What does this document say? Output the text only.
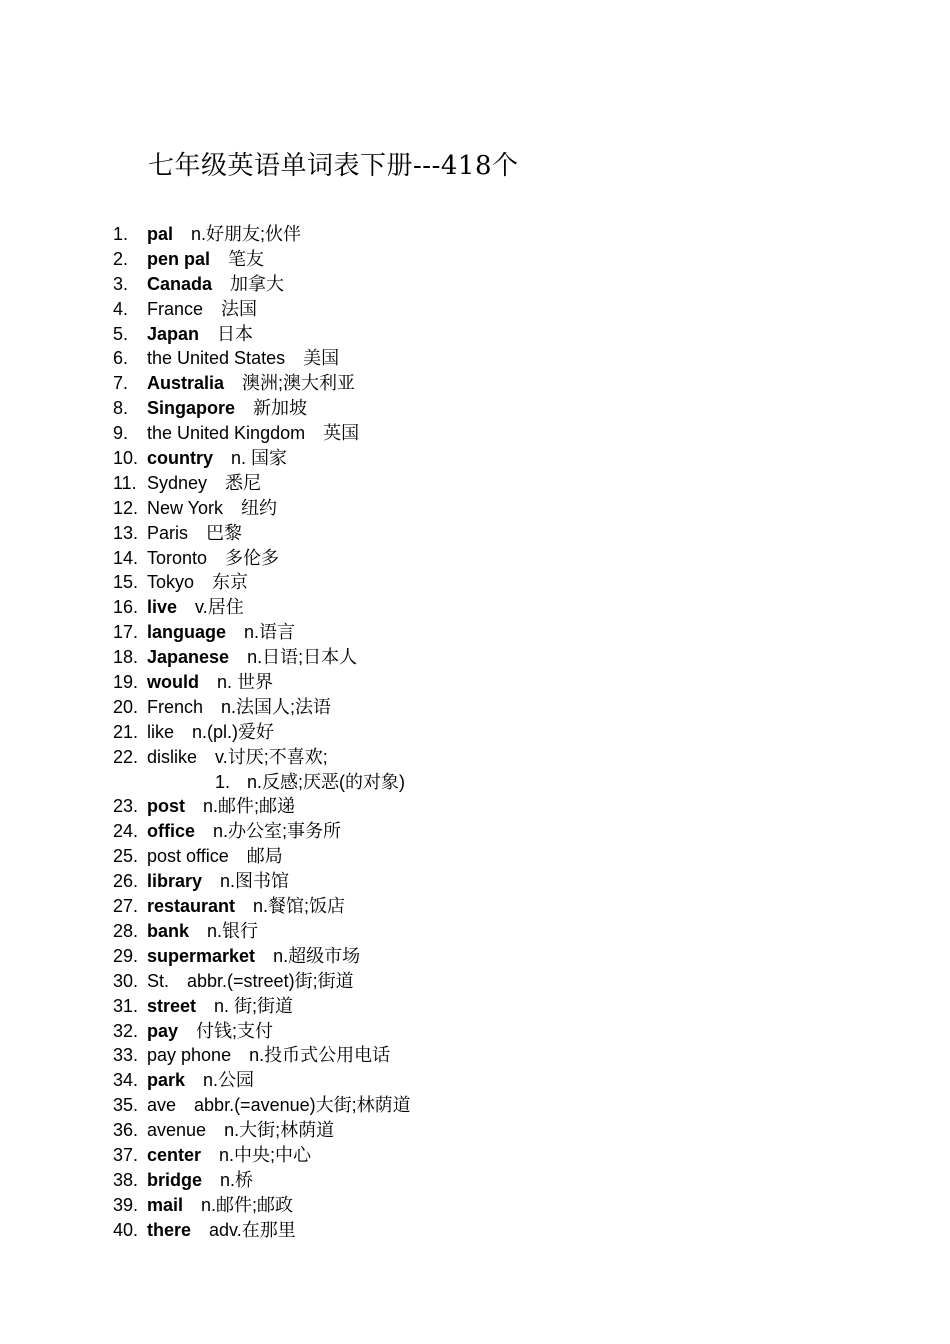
七年级英语单词表下册---418个
1.	pal n.好朋友;伙伴
2.	pen pal 笔友
3.	Canada 加拿大
4.	France 法国
5.	Japan 日本
6.	the United States 美国
7.	Australia 澳洲;澳大利亚
8.	Singapore 新加坡
9.	the United Kingdom 英国
10. country n. 国家
11. Sydney 悉尼
12. New York 纽约
13. Paris 巴黎
14. Toronto 多伦多
15. Tokyo 东京
16. live v.居住
17. language n.语言
18. Japanese n.日语;日本人
19. would n. 世界
20. French n.法国人;法语
21. like n.(pl.)爱好
22. dislike v.讨厌;不喜欢;
1. n.反感;厌恶(的对象)
23. post n.邮件;邮递
24. office n.办公室;事务所
25. post office 邮局
26. library n.图书馆
27. restaurant n.餐馆;饭店
28. bank n.银行
29. supermarket n.超级市场
30. St. abbr.(=street)街;街道
31. street n. 街;街道
32. pay 付钱;支付
33. pay phone n.投币式公用电话
34. park n.公园
35. ave abbr.(=avenue)大街;林荫道
36. avenue n.大街;林荫道
37. center n.中央;中心
38. bridge n.桥
39. mail n.邮件;邮政
40. there adv.在那里
